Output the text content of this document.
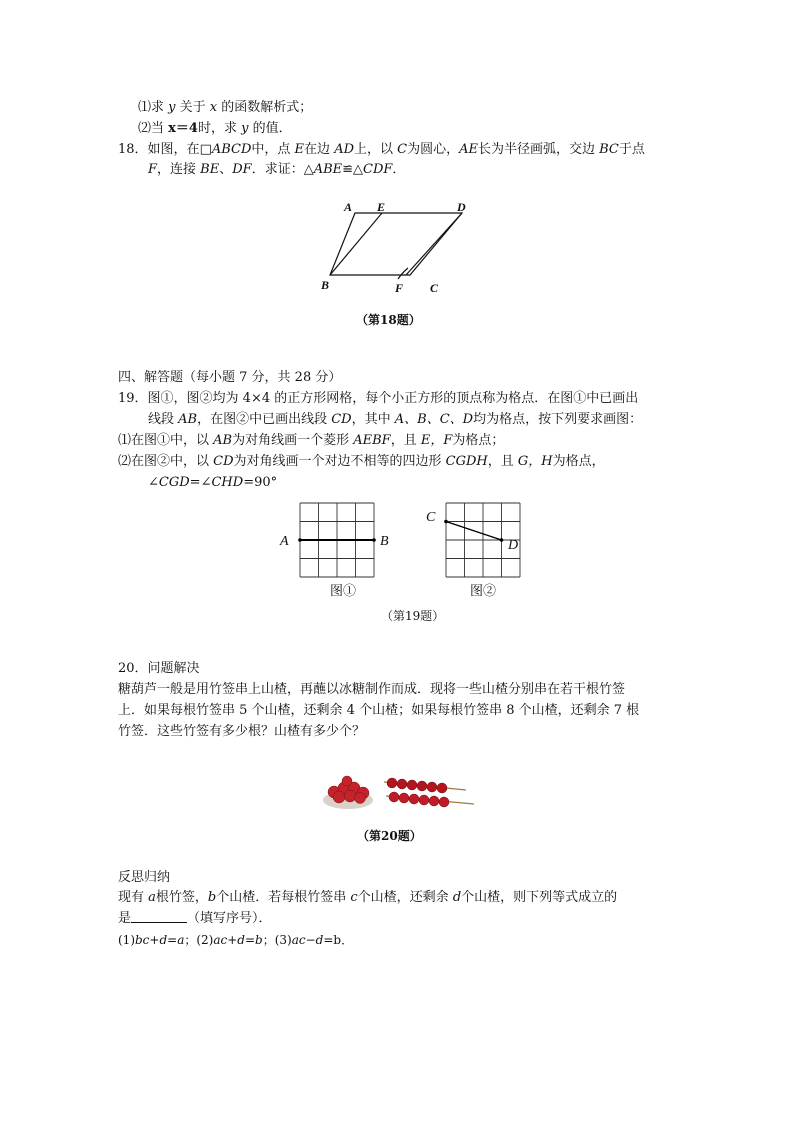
⑴求 y 关于 x 的函数解析式；
⑵当 x＝4时，求 y 的值．
18．如图，在□ABCD中，点 E在边 AD上，以 C为圆心，AE长为半径画弧，交边 BC于点
F，连接 BE、DF．求证：△ABE≌△CDF．
A E	D
B	F C
（第18题）
四、解答题（每小题 7 分，共 28 分）
19．图①，图②均为 4×4 的正方形网格，每个小正方形的顶点称为格点．在图①中已画出
线段 AB，在图②中已画出线段 CD，其中 A、B、C、D均为格点，按下列要求画图：
⑴在图①中，以 AB为对角线画一个菱形 AEBF，且 E，F为格点；
⑵在图②中，以 CD为对角线画一个对边不相等的四边形 CGDH，且 G，H为格点，
∠CGD=∠CHD=90°
A	B
图①
C
D
图②
（第19题）
20．问题解决
糖葫芦一般是用竹签串上山楂，再蘸以冰糖制作而成．现将一些山楂分别串在若干根竹签
上．如果每根竹签串 5 个山楂，还剩余 4 个山楂；如果每根竹签串 8 个山楂，还剩余 7 根
竹签．这些竹签有多少根？山楂有多少个？
（第20题）
反思归纳
现有 a根竹签，b个山楂．若每根竹签串 c个山楂，还剩余 d个山楂，则下列等式成立的
是	（填写序号）．
(1)bc+d=a；(2)ac+d=b；(3)ac−d=b．
